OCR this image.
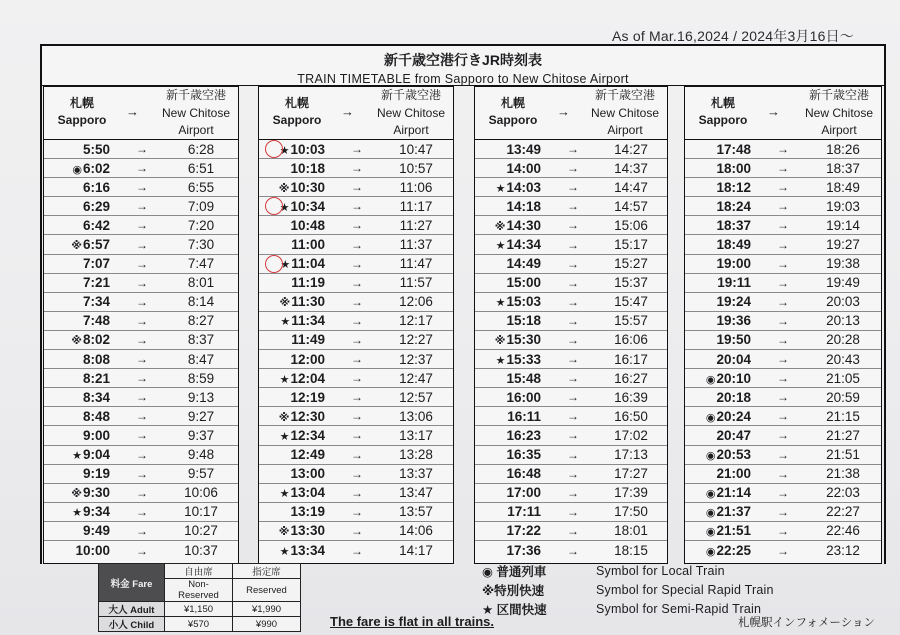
As of Mar.16,2024 / 2024年3月16日～
新千歳空港行きJR時刻表
TRAIN TIMETABLE from Sapporo to New Chitose Airport
札幌
Sapporo
→
新千歳空港
New Chitose
Airport
5:50	→	6:28
◉6:02	→	6:51
6:16	→	6:55
6:29	→	7:09
6:42	→	7:20
※6:57	→	7:30
7:07	→	7:47
7:21	→	8:01
7:34	→	8:14
7:48	→	8:27
※8:02	→	8:37
8:08	→	8:47
8:21	→	8:59
8:34	→	9:13
8:48	→	9:27
9:00	→	9:37
★9:04	→	9:48
9:19	→	9:57
※9:30	→	10:06
★9:34	→	10:17
9:49	→	10:27
10:00	→	10:37
札幌
Sapporo
→
新千歳空港
New Chitose
Airport
★10:03	→	10:47
10:18	→	10:57
※10:30	→	11:06
★10:34	→	11:17
10:48	→	11:27
11:00	→	11:37
★11:04	→	11:47
11:19	→	11:57
※11:30	→	12:06
★11:34	→	12:17
11:49	→	12:27
12:00	→	12:37
★12:04	→	12:47
12:19	→	12:57
※12:30	→	13:06
★12:34	→	13:17
12:49	→	13:28
13:00	→	13:37
★13:04	→	13:47
13:19	→	13:57
※13:30	→	14:06
★13:34	→	14:17
札幌
Sapporo
→
新千歳空港
New Chitose
Airport
13:49	→	14:27
14:00	→	14:37
★14:03	→	14:47
14:18	→	14:57
※14:30	→	15:06
★14:34	→	15:17
14:49	→	15:27
15:00	→	15:37
★15:03	→	15:47
15:18	→	15:57
※15:30	→	16:06
★15:33	→	16:17
15:48	→	16:27
16:00	→	16:39
16:11	→	16:50
16:23	→	17:02
16:35	→	17:13
16:48	→	17:27
17:00	→	17:39
17:11	→	17:50
17:22	→	18:01
17:36	→	18:15
札幌
Sapporo
→
新千歳空港
New Chitose
Airport
17:48	→	18:26
18:00	→	18:37
18:12	→	18:49
18:24	→	19:03
18:37	→	19:14
18:49	→	19:27
19:00	→	19:38
19:11	→	19:49
19:24	→	20:03
19:36	→	20:13
19:50	→	20:28
20:04	→	20:43
◉20:10	→	21:05
20:18	→	20:59
◉20:24	→	21:15
20:47	→	21:27
◉20:53	→	21:51
21:00	→	21:38
◉21:14	→	22:03
◉21:37	→	22:27
◉21:51	→	22:46
◉22:25	→	23:12
料金 Fare	自由席	指定席
	Non-Reserved	Reserved
大人 Adult	¥1,150	¥1,990
小人 Child	¥570	¥990	The fare is flat in all trains.
◉ 普通列車	Symbol for Local Train
※特別快速	Symbol for Special Rapid Train
★ 区間快速	Symbol for Semi-Rapid Train
札幌駅インフォメーション
